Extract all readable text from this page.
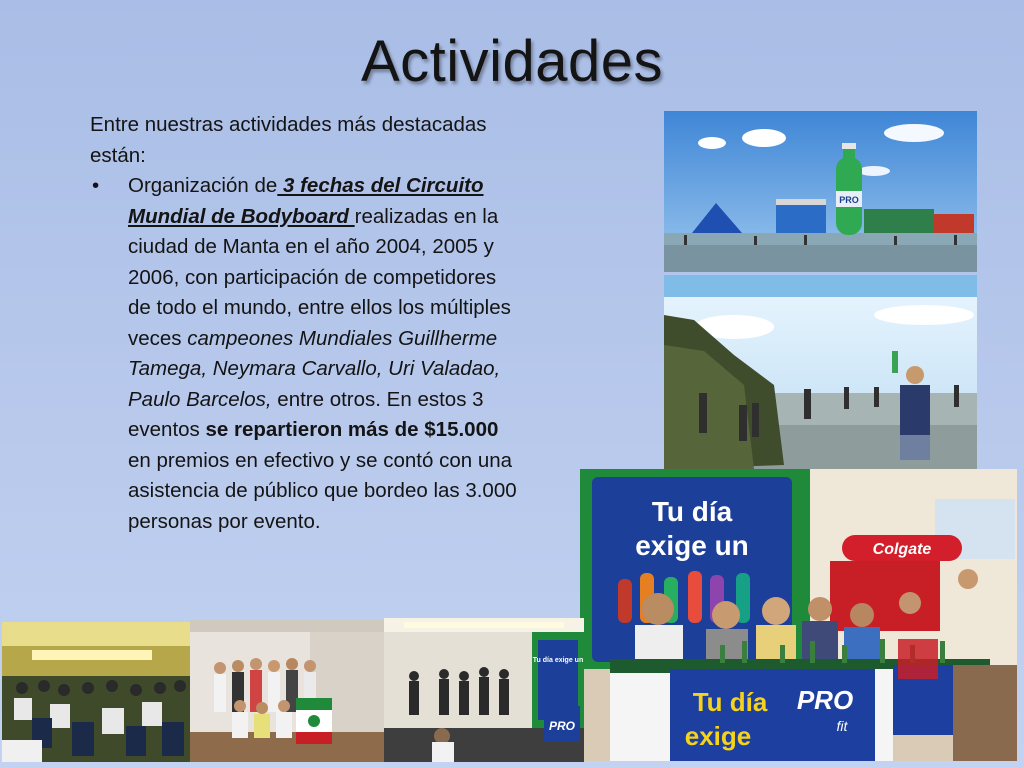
Actividades

Entre nuestras actividades más destacadas están:

• Organización de 3 fechas del Circuito Mundial de Bodyboard realizadas en la ciudad de Manta en el año 2004, 2005 y 2006, con participación de competidores de todo el mundo, entre ellos los múltiples veces campeones Mundiales Guillherme Tamega, Neymara Carvallo, Uri Valadao, Paulo Barcelos, entre otros. En estos 3 eventos se repartieron más de $15.000 en premios en efectivo y se contó con una asistencia de público que bordeo las 3.000 personas por evento.

PRO
Tu día
exige un	Colgate
Tu día
exige
PRO
fit
Tu día exige un
PRO
